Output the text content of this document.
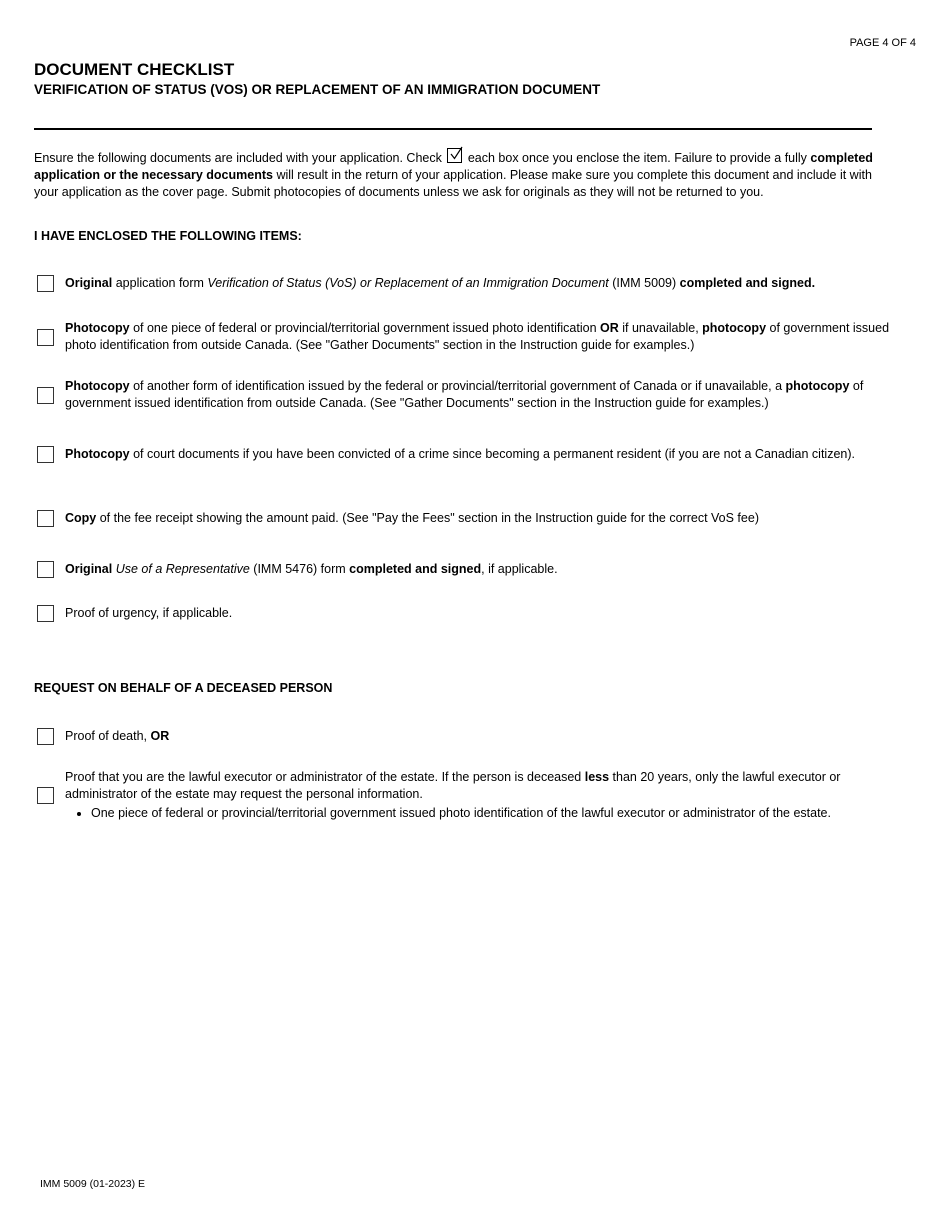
PAGE 4 OF 4
DOCUMENT CHECKLIST
VERIFICATION OF STATUS (VOS) OR REPLACEMENT OF AN IMMIGRATION DOCUMENT
Ensure the following documents are included with your application. Check each box once you enclose the item. Failure to provide a fully completed application or the necessary documents will result in the return of your application. Please make sure you complete this document and include it with your application as the cover page. Submit photocopies of documents unless we ask for originals as they will not be returned to you.
I HAVE ENCLOSED THE FOLLOWING ITEMS:
Original application form Verification of Status (VoS) or Replacement of an Immigration Document (IMM 5009) completed and signed.
Photocopy of one piece of federal or provincial/territorial government issued photo identification OR if unavailable, photocopy of government issued photo identification from outside Canada. (See "Gather Documents" section in the Instruction guide for examples.)
Photocopy of another form of identification issued by the federal or provincial/territorial government of Canada or if unavailable, a photocopy of government issued identification from outside Canada. (See "Gather Documents" section in the Instruction guide for examples.)
Photocopy of court documents if you have been convicted of a crime since becoming a permanent resident (if you are not a Canadian citizen).
Copy of the fee receipt showing the amount paid. (See "Pay the Fees" section in the Instruction guide for the correct VoS fee)
Original Use of a Representative (IMM 5476) form completed and signed, if applicable.
Proof of urgency, if applicable.
REQUEST ON BEHALF OF A DECEASED PERSON
Proof of death, OR
Proof that you are the lawful executor or administrator of the estate. If the person is deceased less than 20 years, only the lawful executor or administrator of the estate may request the personal information.
• One piece of federal or provincial/territorial government issued photo identification of the lawful executor or administrator of the estate.
IMM 5009 (01-2023) E
